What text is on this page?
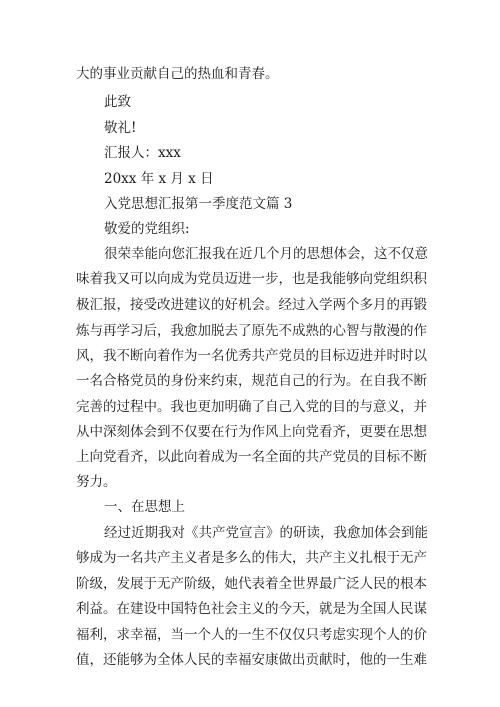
大的事业贡献自己的热血和青春。
此致
敬礼!
汇报人：xxx
20xx 年 x 月 x 日
入党思想汇报第一季度范文篇 3
敬爱的党组织:
很荣幸能向您汇报我在近几个月的思想体会，这不仅意
味着我又可以向成为党员迈进一步，也是我能够向党组织积
极汇报，接受改进建议的好机会。经过入学两个多月的再锻
炼与再学习后，我愈加脱去了原先不成熟的心智与散漫的作
风，我不断向着作为一名优秀共产党员的目标迈进并时时以
一名合格党员的身份来约束，规范自己的行为。在自我不断
完善的过程中。我也更加明确了自己入党的目的与意义，并
从中深刻体会到不仅要在行为作风上向党看齐，更要在思想
上向党看齐，以此向着成为一名全面的共产党员的目标不断
努力。
一、在思想上
经过近期我对《共产党宣言》的研读，我愈加体会到能
够成为一名共产主义者是多么的伟大，共产主义扎根于无产
阶级，发展于无产阶级，她代表着全世界最广泛人民的根本
利益。在建设中国特色社会主义的今天，就是为全国人民谋
福利，求幸福，当一个人的一生不仅仅只考虑实现个人的价
值，还能够为全体人民的幸福安康做出贡献时，他的一生难
